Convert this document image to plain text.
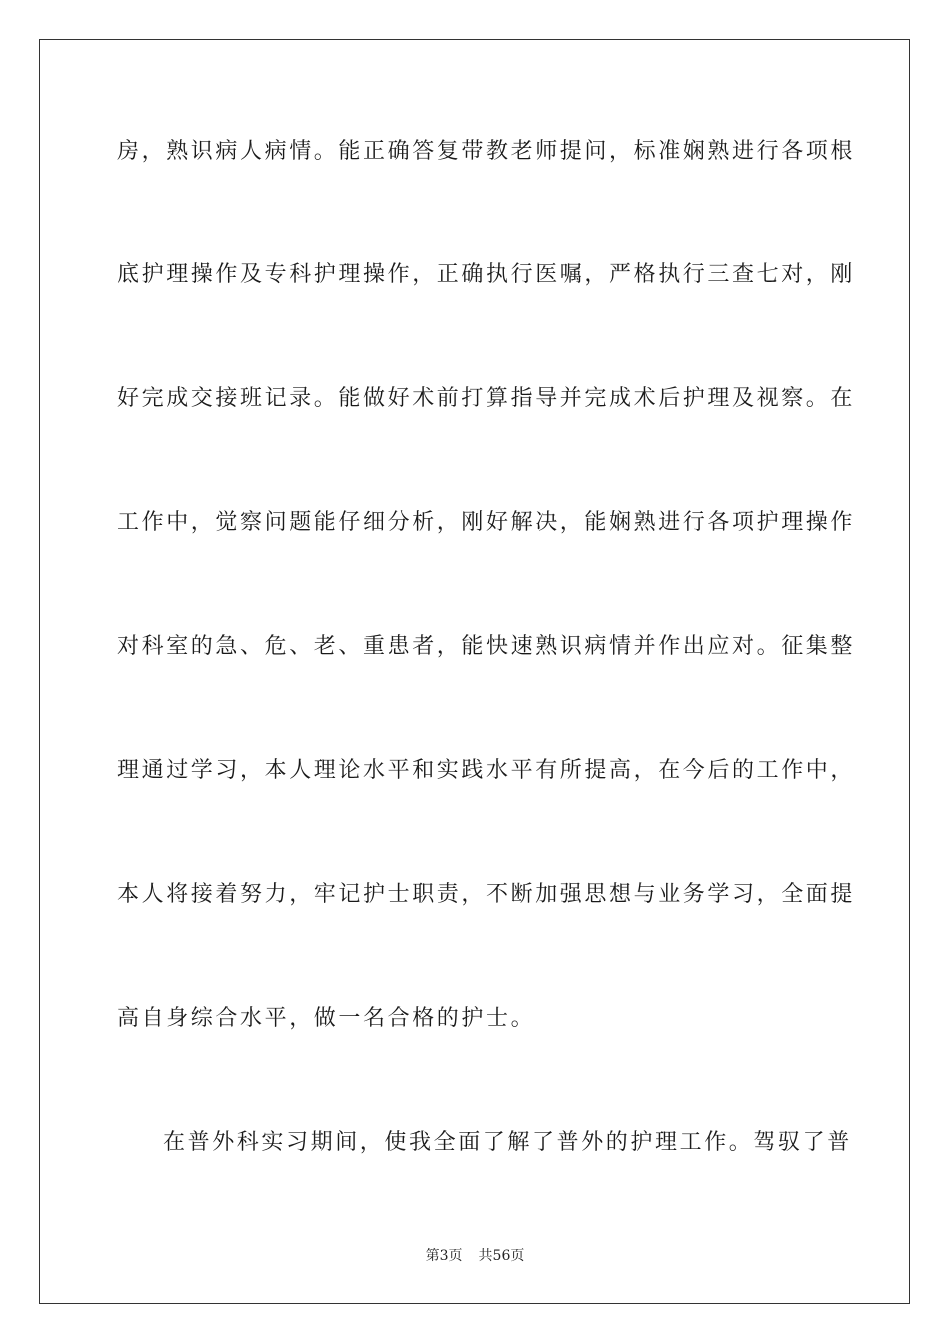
房，熟识病人病情。能正确答复带教老师提问，标准娴熟进行各项根
底护理操作及专科护理操作，正确执行医嘱，严格执行三查七对，刚
好完成交接班记录。能做好术前打算指导并完成术后护理及视察。在
工作中，觉察问题能仔细分析，刚好解决，能娴熟进行各项护理操作
对科室的急、危、老、重患者，能快速熟识病情并作出应对。征集整
理通过学习，本人理论水平和实践水平有所提高，在今后的工作中，
本人将接着努力，牢记护士职责，不断加强思想与业务学习，全面提
高自身综合水平，做一名合格的护士。
在普外科实习期间，使我全面了解了普外的护理工作。驾驭了普
第3页 共56页
